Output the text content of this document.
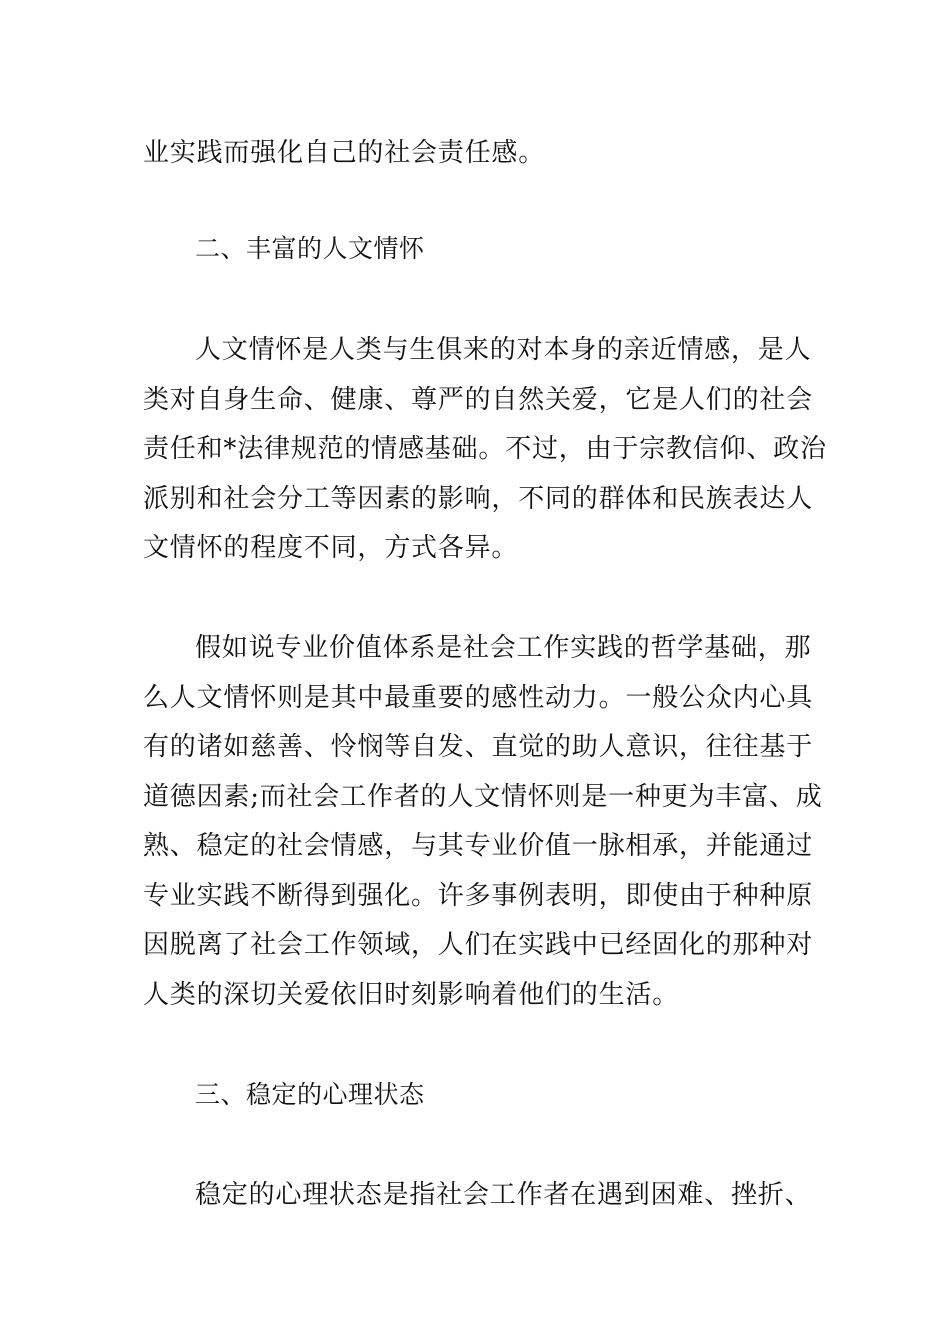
业实践而强化自己的社会责任感。
二、丰富的人文情怀
人文情怀是人类与生俱来的对本身的亲近情感，是人
类对自身生命、健康、尊严的自然关爱，它是人们的社会
责任和*法律规范的情感基础。不过，由于宗教信仰、政治
派别和社会分工等因素的影响，不同的群体和民族表达人
文情怀的程度不同，方式各异。
假如说专业价值体系是社会工作实践的哲学基础，那
么人文情怀则是其中最重要的感性动力。一般公众内心具
有的诸如慈善、怜悯等自发、直觉的助人意识，往往基于
道德因素;而社会工作者的人文情怀则是一种更为丰富、成
熟、稳定的社会情感，与其专业价值一脉相承，并能通过
专业实践不断得到强化。许多事例表明，即使由于种种原
因脱离了社会工作领域，人们在实践中已经固化的那种对
人类的深切关爱依旧时刻影响着他们的生活。
三、稳定的心理状态
稳定的心理状态是指社会工作者在遇到困难、挫折、
